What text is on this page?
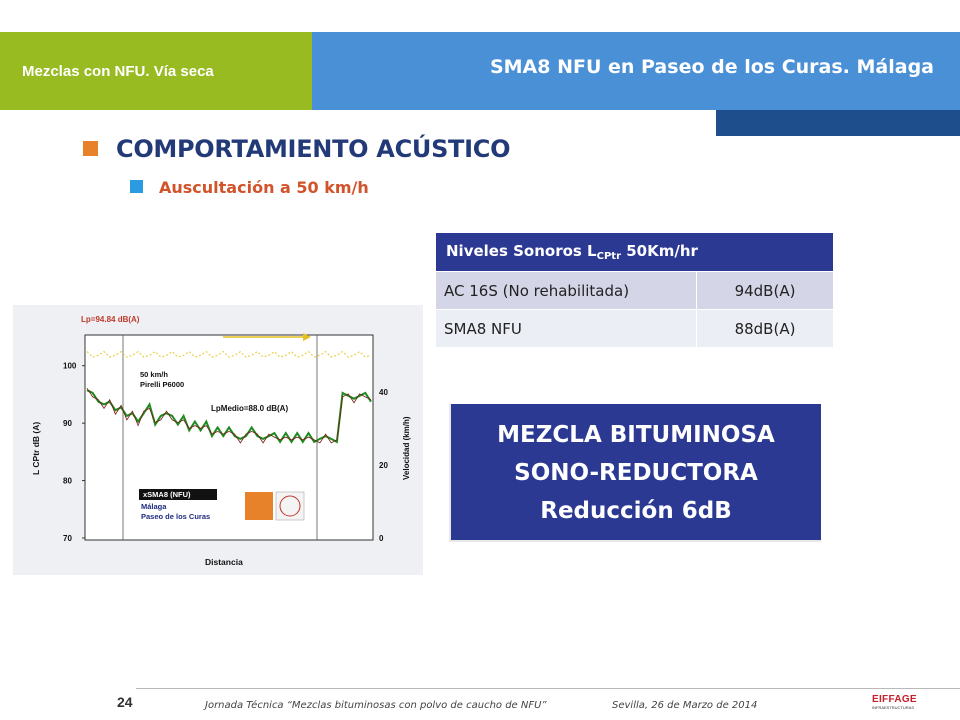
Mezclas con NFU. Vía seca	SMA8 NFU en Paseo de los Curas. Málaga
COMPORTAMIENTO ACÚSTICO
Auscultación a 50 km/h
100
90
80
70
40
20
0
Lp=94.84 dB(A)
50 km/h
Pirelli P6000
LpMedio=88.0 dB(A)
xSMA8 (NFU)
Málaga
Paseo de los Curas
Distancia
L CPtr dB (A)	Velocidad (km/h)
Niveles Sonoros $L_{CPtr}$ 50Km/hr	
AC 16S (No rehabilitada)	94dB(A)
SMA8 NFU	88dB(A)
MEZCLA BITUMINOSA
SONO-REDUCTORA
Reducción 6dB
24	Jornada Técnica “Mezclas bituminosas con polvo de caucho de NFU”	Sevilla, 26 de Marzo de 2014
EIFFAGE
INFRAESTRUCTURAS
